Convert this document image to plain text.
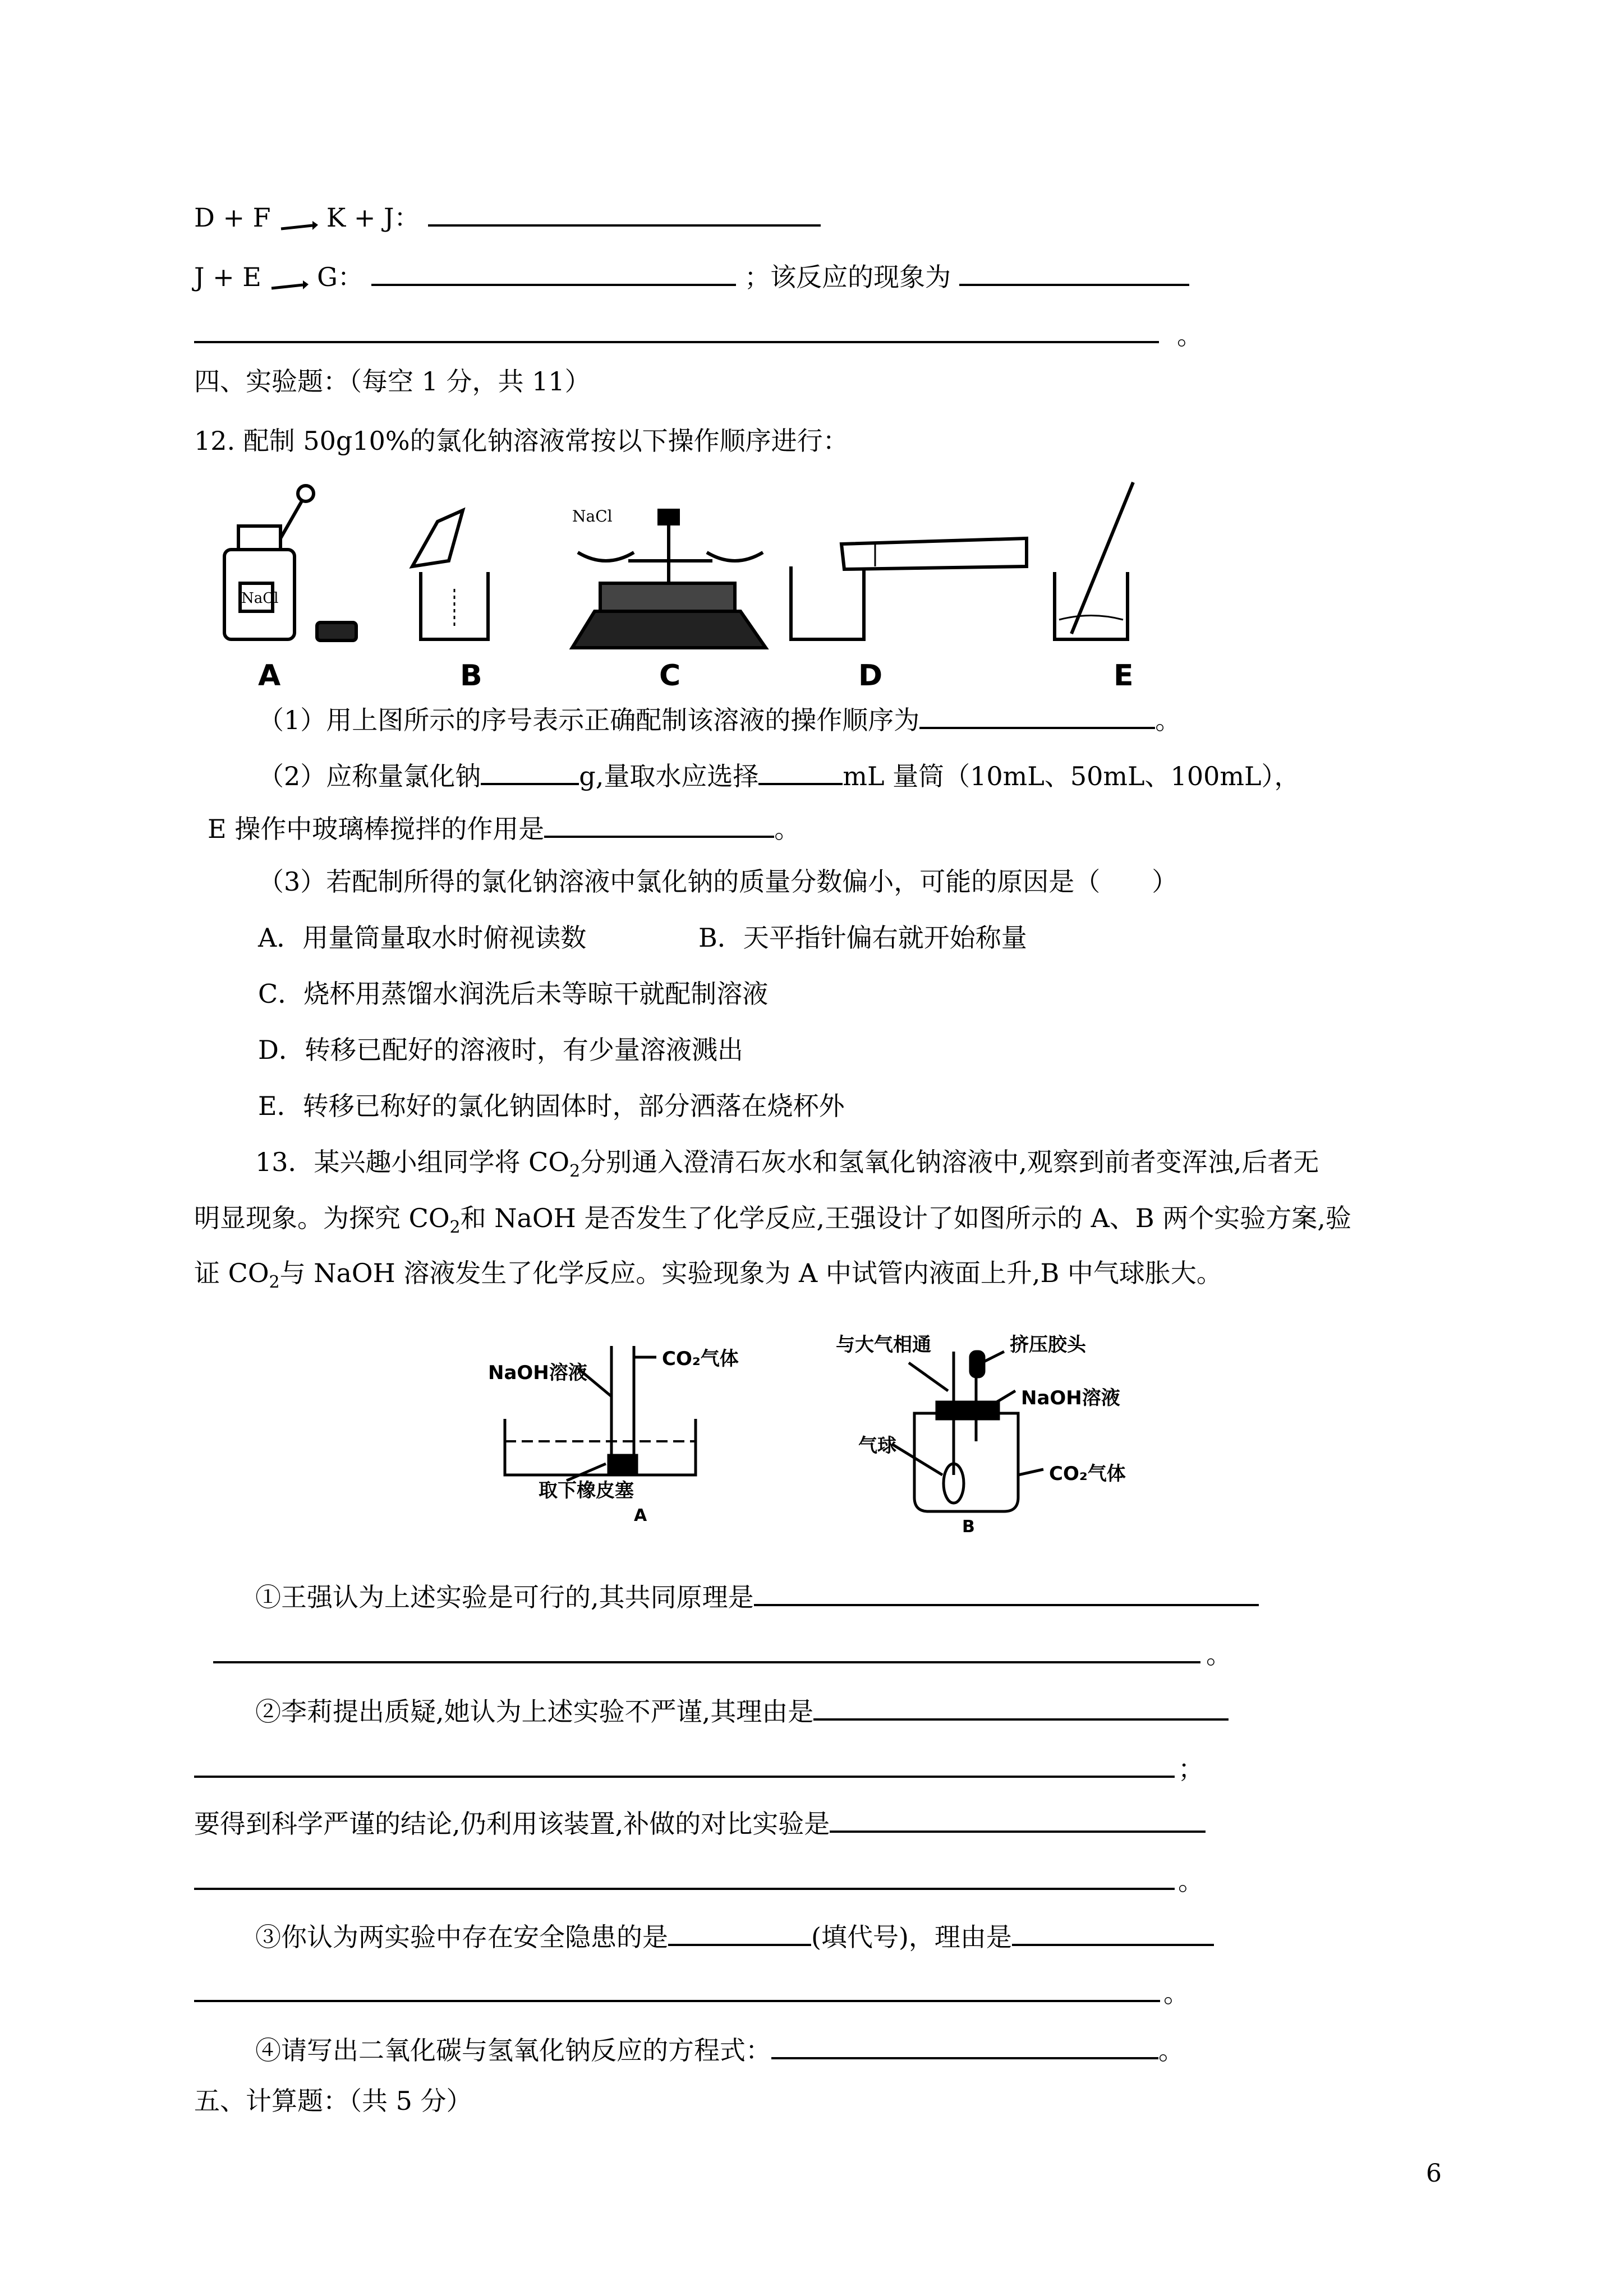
D + F K + J：
J + E G：	；该反应的现象为
。
四、实验题：（每空 1 分，共 11）
12. 配制 50g10%的氯化钠溶液常按以下操作顺序进行：
NaCl
NaCl
A	B	C	D	E
（1）用上图所示的序号表示正确配制该溶液的操作顺序为	。
（2）应称量氯化钠	g,量取水应选择	mL 量筒（10mL、50mL、100mL），
E 操作中玻璃棒搅拌的作用是	。
（3）若配制所得的氯化钠溶液中氯化钠的质量分数偏小，可能的原因是（　　）
A．用量筒量取水时俯视读数	B．天平指针偏右就开始称量
C．烧杯用蒸馏水润洗后未等晾干就配制溶液
D．转移已配好的溶液时，有少量溶液溅出
E．转移已称好的氯化钠固体时，部分洒落在烧杯外
13．某兴趣小组同学将 $CO_2$分别通入澄清石灰水和氢氧化钠溶液中,观察到前者变浑浊,后者无
明显现象。为探究 $CO_2$和 NaOH 是否发生了化学反应,王强设计了如图所示的 A、B 两个实验方案,验
证 $CO_2$与 NaOH 溶液发生了化学反应。实验现象为 A 中试管内液面上升,B 中气球胀大。
NaOH溶液
CO₂气体
取下橡皮塞
A
与大气相通	挤压胶头
NaOH溶液
气球
CO₂气体
B
①王强认为上述实验是可行的,其共同原理是
。
②李莉提出质疑,她认为上述实验不严谨,其理由是
；
要得到科学严谨的结论,仍利用该装置,补做的对比实验是
。
③你认为两实验中存在安全隐患的是	(填代号)，理由是
。
④请写出二氧化碳与氢氧化钠反应的方程式：	。
五、计算题：（共 5 分）
6
